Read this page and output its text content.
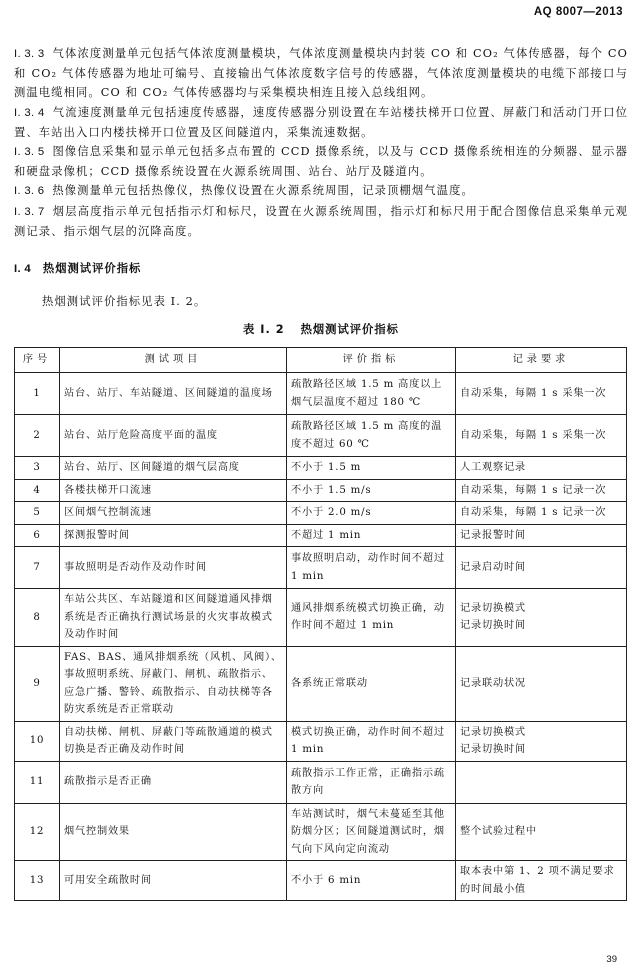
AQ 8007—2013

I. 3. 3 气体浓度测量单元包括气体浓度测量模块，气体浓度测量模块内封装 CO 和 CO₂ 气体传感器，每个 CO 和 CO₂ 气体传感器为地址可编号、直接输出气体浓度数字信号的传感器，气体浓度测量模块的电缆下部接口与测温电缆相同。CO 和 CO₂ 气体传感器均与采集模块相连且接入总线组网。

I. 3. 4 气流速度测量单元包括速度传感器，速度传感器分别设置在车站楼扶梯开口位置、屏蔽门和活动门开口位置、车站出入口内楼扶梯开口位置及区间隧道内，采集流速数据。

I. 3. 5 图像信息采集和显示单元包括多点布置的 CCD 摄像系统，以及与 CCD 摄像系统相连的分频器、显示器和硬盘录像机；CCD 摄像系统设置在火源系统周围、站台、站厅及隧道内。

I. 3. 6 热像测量单元包括热像仪，热像仪设置在火源系统周围，记录顶棚烟气温度。

I. 3. 7 烟层高度指示单元包括指示灯和标尺，设置在火源系统周围，指示灯和标尺用于配合图像信息采集单元观测记录、指示烟气层的沉降高度。

I. 4 热烟测试评价指标

热烟测试评价指标见表 I. 2。

表 I. 2 热烟测试评价指标
序号	测试项目	评价指标	记录要求
1	站台、站厅、车站隧道、区间隧道的温度场	疏散路径区域 1.5 m 高度以上烟气层温度不超过 180 ℃	自动采集，每隔 1 s 采集一次
2	站台、站厅危险高度平面的温度	疏散路径区域 1.5 m 高度的温度不超过 60 ℃	自动采集，每隔 1 s 采集一次
3	站台、站厅、区间隧道的烟气层高度	不小于 1.5 m	人工观察记录
4	各楼扶梯开口流速	不小于 1.5 m/s	自动采集，每隔 1 s 记录一次
5	区间烟气控制流速	不小于 2.0 m/s	自动采集，每隔 1 s 记录一次
6	探测报警时间	不超过 1 min	记录报警时间
7	事故照明是否动作及动作时间	事故照明启动，动作时间不超过 1 min	记录启动时间
8	车站公共区、车站隧道和区间隧道通风排烟系统是否正确执行测试场景的火灾事故模式及动作时间	通风排烟系统模式切换正确，动作时间不超过 1 min	记录切换模式
记录切换时间
9	FAS、BAS、通风排烟系统（风机、风阀）、事故照明系统、屏蔽门、闸机、疏散指示、应急广播、警铃、疏散指示、自动扶梯等各防灾系统是否正常联动	各系统正常联动	记录联动状况
10	自动扶梯、闸机、屏蔽门等疏散通道的模式切换是否正确及动作时间	模式切换正确，动作时间不超过 1 min	记录切换模式
记录切换时间
11	疏散指示是否正确	疏散指示工作正常，正确指示疏散方向	
12	烟气控制效果	车站测试时，烟气未蔓延至其他防烟分区；区间隧道测试时，烟气向下风向定向流动	整个试验过程中
13	可用安全疏散时间	不小于 6 min	取本表中第 1、2 项不满足要求的时间最小值
39
